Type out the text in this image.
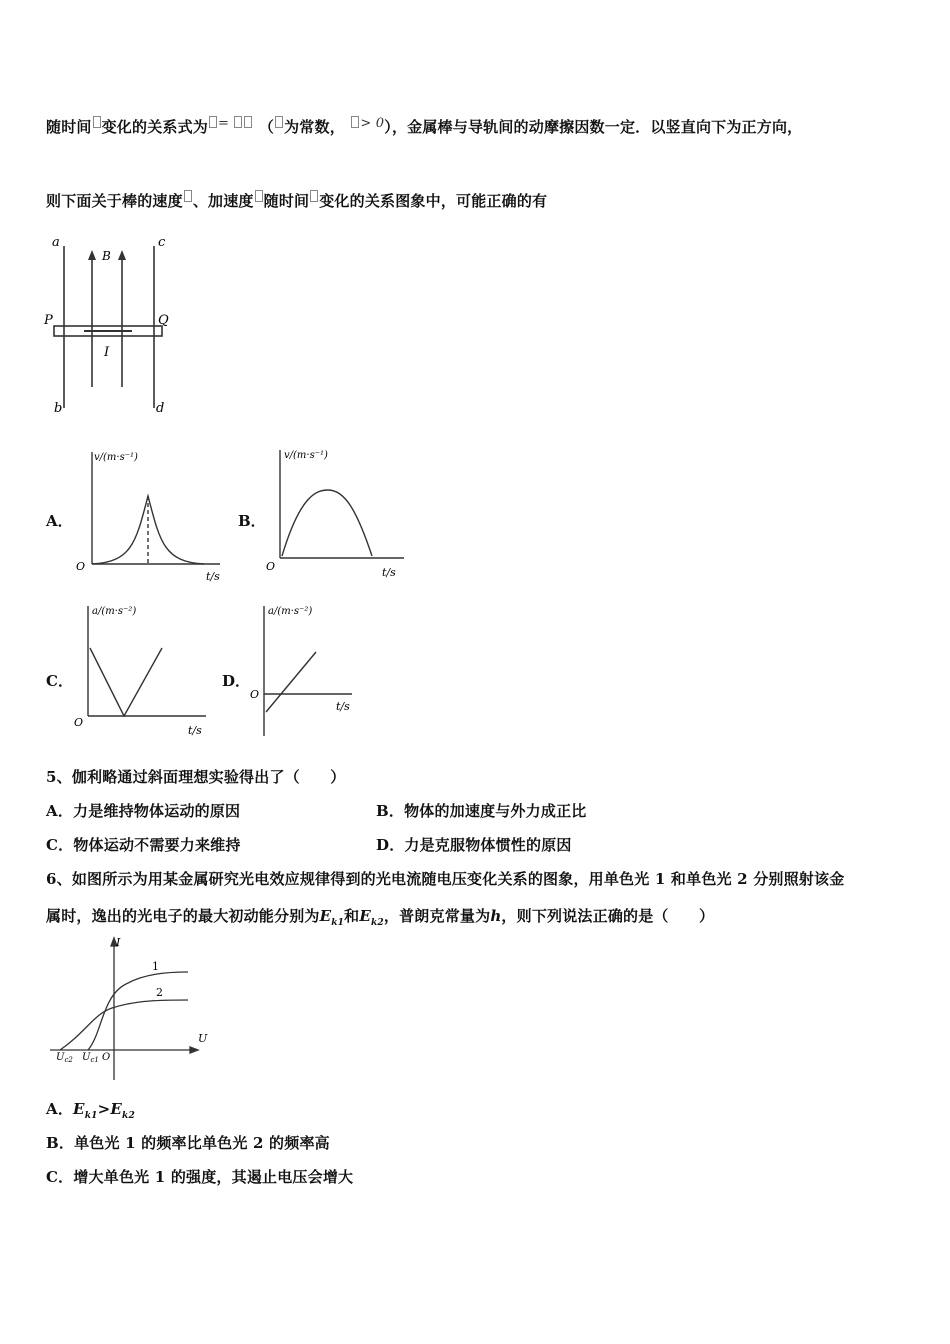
随时间 变化的关系式为 =  （ 为常数， > 0），金属棒与导轨间的动摩擦因数一定．以竖直向下为正方向，
则下面关于棒的速度 、加速度 随时间 变化的关系图象中，可能正确的有
a
B
c
P	Q
I
b	d
A．
v/(m·s⁻¹)
t/s
O
B．
v/(m·s⁻¹)
t/s
O
C．
a/(m·s⁻²)
t/s
O
D．
a/(m·s⁻²)
t/s
O
5、伽利略通过斜面理想实验得出了（　　）
A．力是维持物体运动的原因	B．物体的加速度与外力成正比
C．物体运动不需要力来维持	D．力是克服物体惯性的原因
6、如图所示为用某金属研究光电效应规律得到的光电流随电压变化关系的图象，用单色光 1 和单色光 2 分别照射该金
属时，逸出的光电子的最大初动能分别为$E_{k1}$和$E_{k2}$，普朗克常量为h，则下列说法正确的是（　　）
I
U
1
2
$U_{c2}$ $U_{c1}$ O
A．$E_{k1}>E_{k2}$
B．单色光 1 的频率比单色光 2 的频率高
C．增大单色光 1 的强度，其遏止电压会增大
